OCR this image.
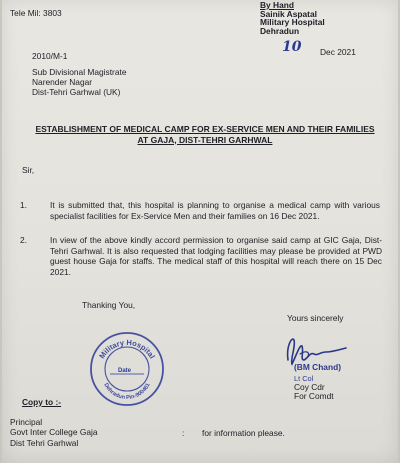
Tele Mil: 3803
By Hand
Sainik Aspatal
Military Hospital
Dehradun
2010/M-1
10 Dec 2021
Sub Divisional Magistrate
Narender Nagar
Dist-Tehri Garhwal (UK)
ESTABLISHMENT OF MEDICAL CAMP FOR EX-SERVICE MEN AND THEIR FAMILIES AT GAJA, DIST-TEHRI GARHWAL
Sir,
1.	It is submitted that, this hospital is planning to organise a medical camp with various specialist facilities for Ex-Service Men and their families on 16 Dec 2021.
2.	In view of the above kindly accord permission to organise said camp at GIC Gaja, Dist-Tehri Garhwal. It is also requested that lodging facilities may please be provided at PWD guest house Gaja for staffs. The medical staff of this hospital will reach there on 15 Dec 2021.
Thanking You,
Yours sincerely
Military Hospital
Dehradun Pin-900461
Date	(BM Chand)
Lt Col
Coy Cdr
For Comdt
Copy to :-
Principal
Govt Inter College Gaja
Dist Tehri Garhwal
: for information please.
